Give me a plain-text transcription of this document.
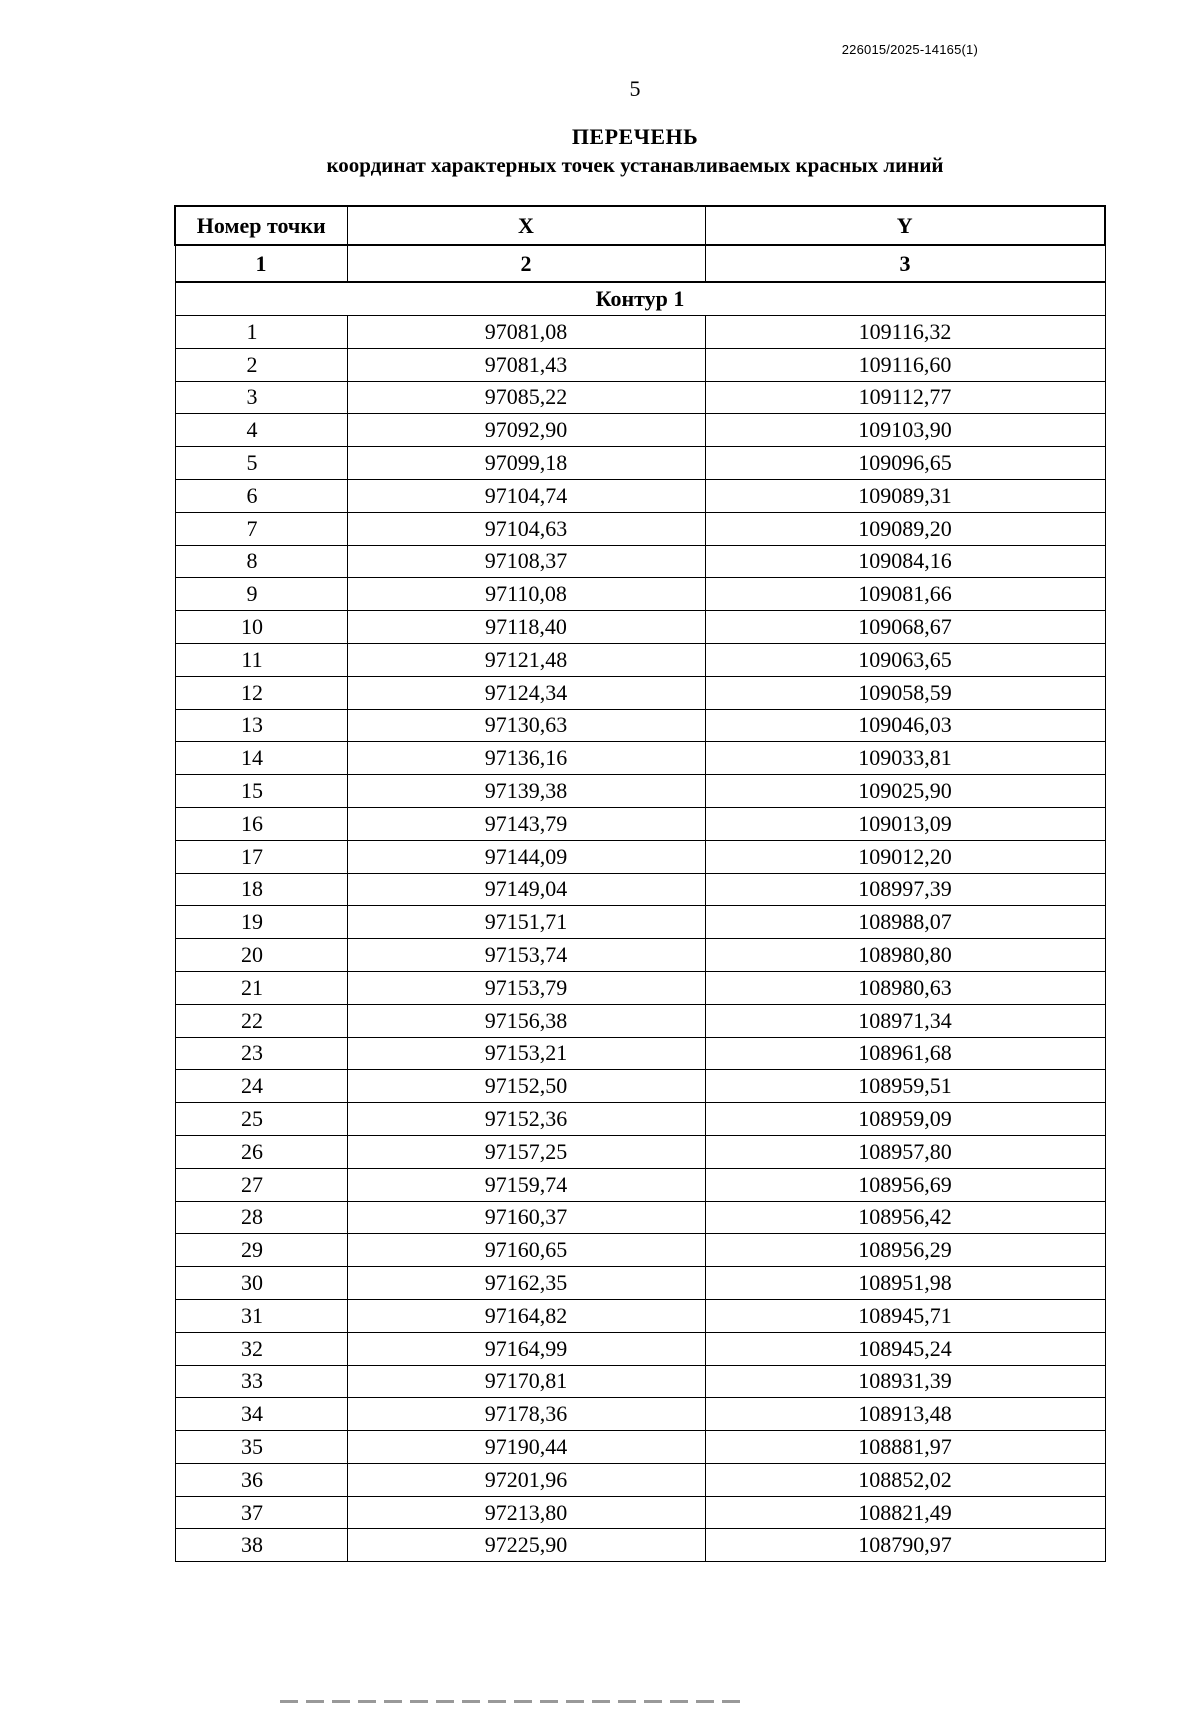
226015/2025-14165(1)
5
ПЕРЕЧЕНЬ
координат характерных точек устанавливаемых красных линий
Номер точки	X	Y
1	2	3
Контур 1		
1	97081,08	109116,32
2	97081,43	109116,60
3	97085,22	109112,77
4	97092,90	109103,90
5	97099,18	109096,65
6	97104,74	109089,31
7	97104,63	109089,20
8	97108,37	109084,16
9	97110,08	109081,66
10	97118,40	109068,67
11	97121,48	109063,65
12	97124,34	109058,59
13	97130,63	109046,03
14	97136,16	109033,81
15	97139,38	109025,90
16	97143,79	109013,09
17	97144,09	109012,20
18	97149,04	108997,39
19	97151,71	108988,07
20	97153,74	108980,80
21	97153,79	108980,63
22	97156,38	108971,34
23	97153,21	108961,68
24	97152,50	108959,51
25	97152,36	108959,09
26	97157,25	108957,80
27	97159,74	108956,69
28	97160,37	108956,42
29	97160,65	108956,29
30	97162,35	108951,98
31	97164,82	108945,71
32	97164,99	108945,24
33	97170,81	108931,39
34	97178,36	108913,48
35	97190,44	108881,97
36	97201,96	108852,02
37	97213,80	108821,49
38	97225,90	108790,97
